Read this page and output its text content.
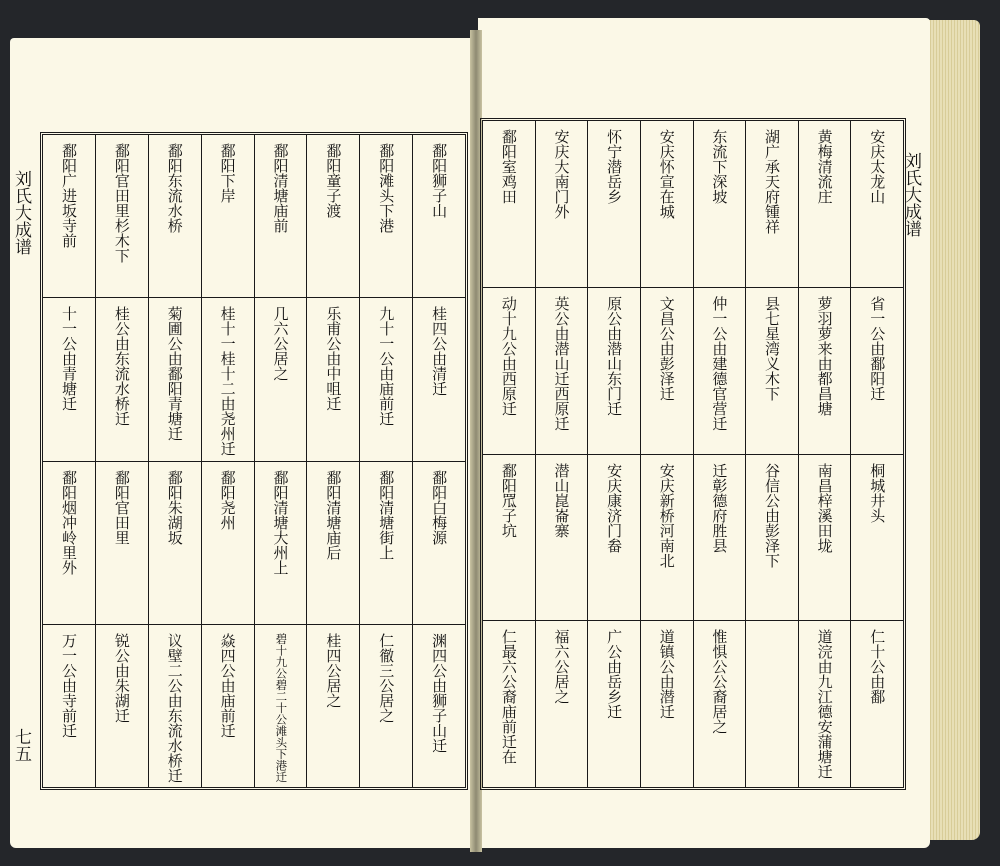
刘氏大成谱
七五
刘氏大成谱
鄱阳狮子山
桂四公由清迁
鄱阳白梅源
渊四公由狮子山迁
鄱阳滩头下港
九十一公由庙前迁
鄱阳清塘街上
仁徹三公居之
鄱阳童子渡
乐甫公由中咀迁
鄱阳清塘庙后
桂四公居之
鄱阳清塘庙前
几六公居之
鄱阳清塘大州上
碧十九公碧二十公滩头下港迁
鄱阳下岸
桂十一桂十二由尧州迁
鄱阳尧州
焱四公由庙前迁
鄱阳东流水桥
菊圃公由鄱阳青塘迁
鄱阳朱湖坂
议壁二公由东流水桥迁
鄱阳官田里杉木下
桂公由东流水桥迁
鄱阳官田里
锐公由朱湖迁
鄱阳广进坂寺前
十一公由青塘迁
鄱阳烟冲岭里外
万一公由寺前迁
安庆太龙山
省一公由鄱阳迁
桐城井头
仁十公由鄱
黄梅清流庄
萝羽萝来由都昌塘
南昌梓溪田垅
道浣由九江德安蒲塘迁
湖广承天府锺祥
县七星湾义木下
谷信公由彭泽下
东流下深坡
仲一公由建德官营迁
迁彰德府胜县
惟惧公公裔居之
安庆怀宣在城
文昌公由彭泽迁
安庆新桥河南北
道镇公由潜迁
怀宁潜岳乡
原公由潜山东门迁
安庆康济门畚
广公由岳乡迁
安庆大南门外
英公由潜山迁西原迁
潜山崑崙寨
福六公居之
鄱阳室鸡田
动十九公由西原迁
鄱阳罛子坑
仁最六公裔庙前迁在
